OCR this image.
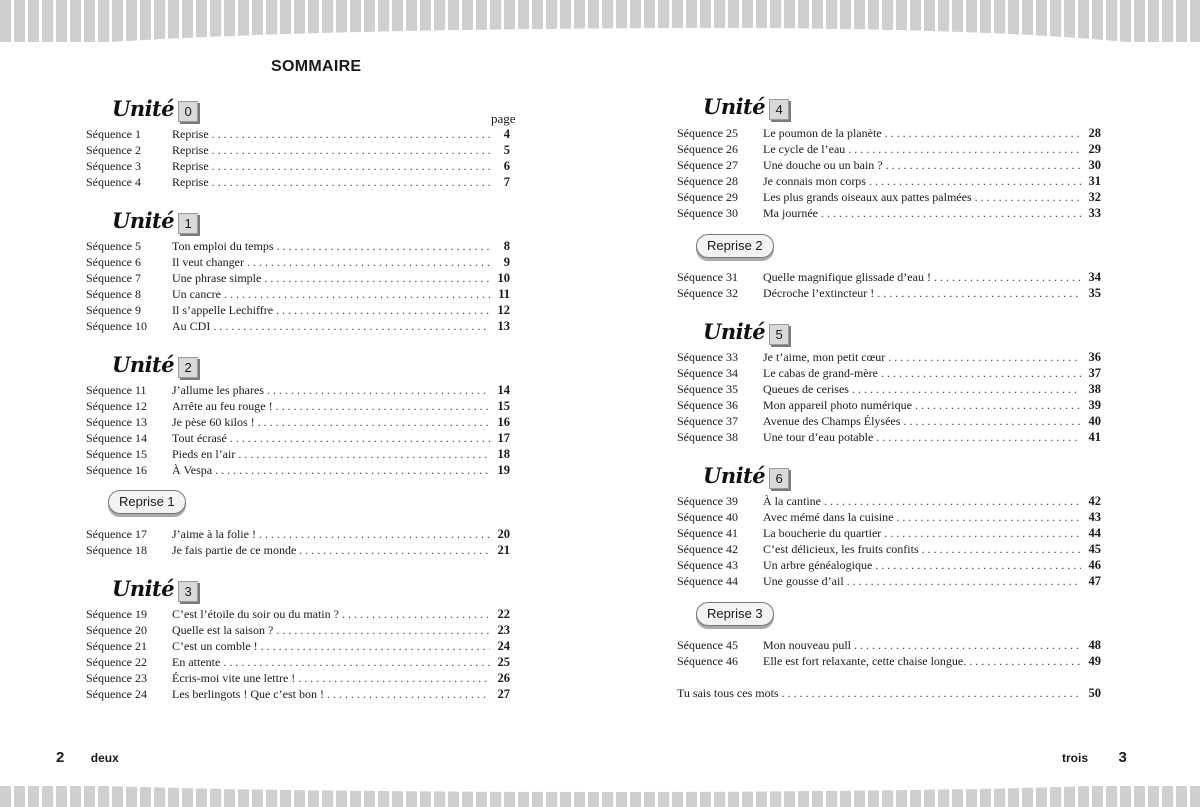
SOMMAIRE
page
Unité 0
Séquence 1	Reprise . . .	4
Séquence 2	Reprise . . .	5
Séquence 3	Reprise . . .	6
Séquence 4	Reprise . . .	7
Unité 1
Séquence 5	Ton emploi du temps . . .	8
Séquence 6	Il veut changer . . .	9
Séquence 7	Une phrase simple . . .	10
Séquence 8	Un cancre . . .	11
Séquence 9	Il s’appelle Lechiffre . . .	12
Séquence 10	Au CDI . . .	13
Unité 2
Séquence 11	J’allume les phares . . .	14
Séquence 12	Arrête au feu rouge ! . . .	15
Séquence 13	Je pèse 60 kilos ! . . .	16
Séquence 14	Tout écrasé . . .	17
Séquence 15	Pieds en l’air . . .	18
Séquence 16	À Vespa . . .	19
Reprise 1
Séquence 17	J’aime à la folie ! . . .	20
Séquence 18	Je fais partie de ce monde . . .	21
Unité 3
Séquence 19	C’est l’étoile du soir ou du matin ? . . .	22
Séquence 20	Quelle est la saison ? . . .	23
Séquence 21	C’est un comble ! . . .	24
Séquence 22	En attente . . .	25
Séquence 23	Écris-moi vite une lettre ! . . .	26
Séquence 24	Les berlingots ! Que c’est bon ! . . .	27
Unité 4
Séquence 25	Le poumon de la planète . . .	28
Séquence 26	Le cycle de l’eau . . .	29
Séquence 27	Une douche ou un bain ? . . .	30
Séquence 28	Je connais mon corps . . .	31
Séquence 29	Les plus grands oiseaux aux pattes palmées . . .	32
Séquence 30	Ma journée . . .	33
Reprise 2
Séquence 31	Quelle magnifique glissade d’eau ! . . .	34
Séquence 32	Décroche l’extincteur ! . . .	35
Unité 5
Séquence 33	Je t’aime, mon petit cœur . . .	36
Séquence 34	Le cabas de grand-mère . . .	37
Séquence 35	Queues de cerises . . .	38
Séquence 36	Mon appareil photo numérique . . .	39
Séquence 37	Avenue des Champs Élysées . . .	40
Séquence 38	Une tour d’eau potable . . .	41
Unité 6
Séquence 39	À la cantine . . .	42
Séquence 40	Avec mémé dans la cuisine . . .	43
Séquence 41	La boucherie du quartier . . .	44
Séquence 42	C’est délicieux, les fruits confits . . .	45
Séquence 43	Un arbre généalogique . . .	46
Séquence 44	Une gousse d’ail . . .	47
Reprise 3
Séquence 45	Mon nouveau pull . . .	48
Séquence 46	Elle est fort relaxante, cette chaise longue. . . .	49
Tu sais tous ces mots . . .	50
2 deux	trois 3
